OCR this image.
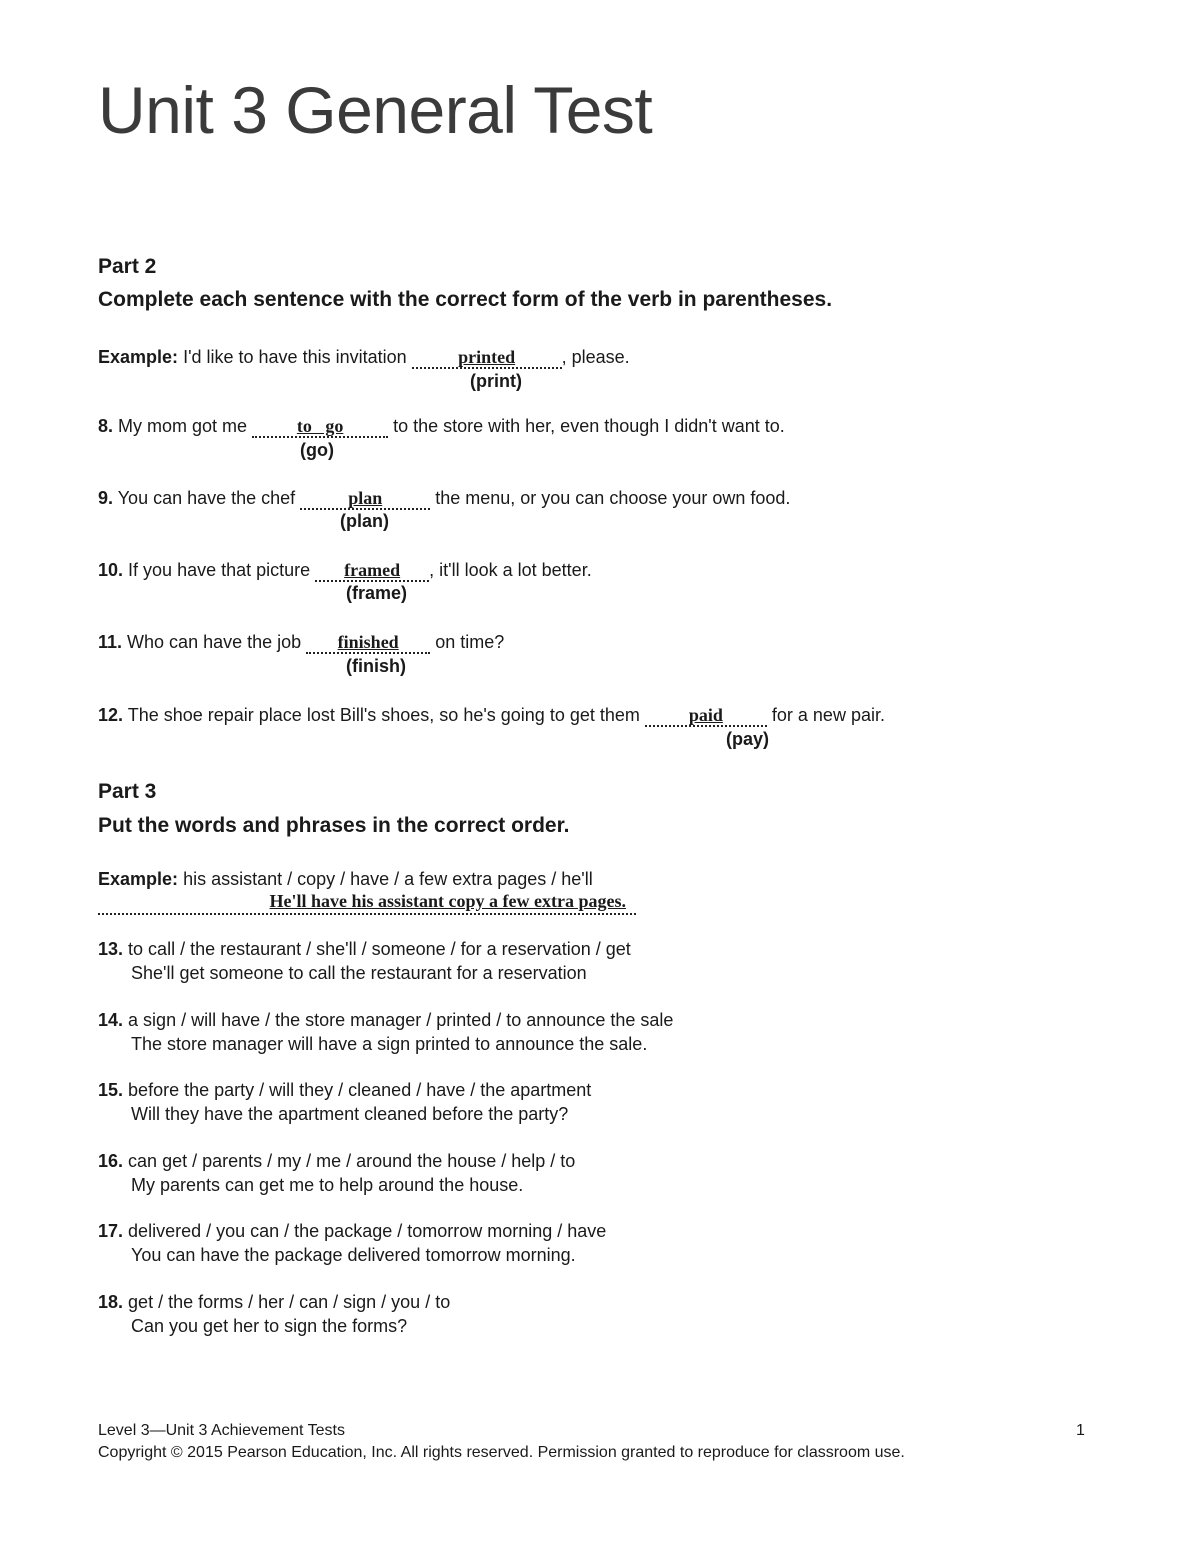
Unit 3 General Test
Part 2
Complete each sentence with the correct form of the verb in parentheses.
Example: I'd like to have this invitation	printed	, please.
(print)
8. My mom got me	to   go	to the store with her, even though I didn't want to.
(go)
9. You can have the chef	plan	the menu, or you can choose your own food.
(plan)
10. If you have that picture framed , it'll look a lot better.
(frame)
11. Who can have the job finished on time?
(finish)
12. The shoe repair place lost Bill's shoes, so he's going to get them	paid	for a new pair.
(pay)
Part 3
Put the words and phrases in the correct order.
Example: his assistant / copy / have / a few extra pages / he'll
He'll have his assistant copy a few extra pages.
13. to call / the restaurant / she'll / someone / for a reservation / get
She'll get someone to call the restaurant for a reservation
14. a sign / will have / the store manager / printed / to announce the sale
The store manager will have a sign printed to announce the sale.
15. before the party / will they / cleaned / have / the apartment
Will they have the apartment cleaned before the party?
16. can get / parents / my / me / around the house / help / to
My parents can get me to help around the house.
17. delivered / you can / the package / tomorrow morning / have
You can have the package delivered tomorrow morning.
18. get / the forms / her / can / sign / you / to
Can you get her to sign the forms?
Level 3—Unit 3 Achievement Tests	1
Copyright © 2015 Pearson Education, Inc. All rights reserved. Permission granted to reproduce for classroom use.
